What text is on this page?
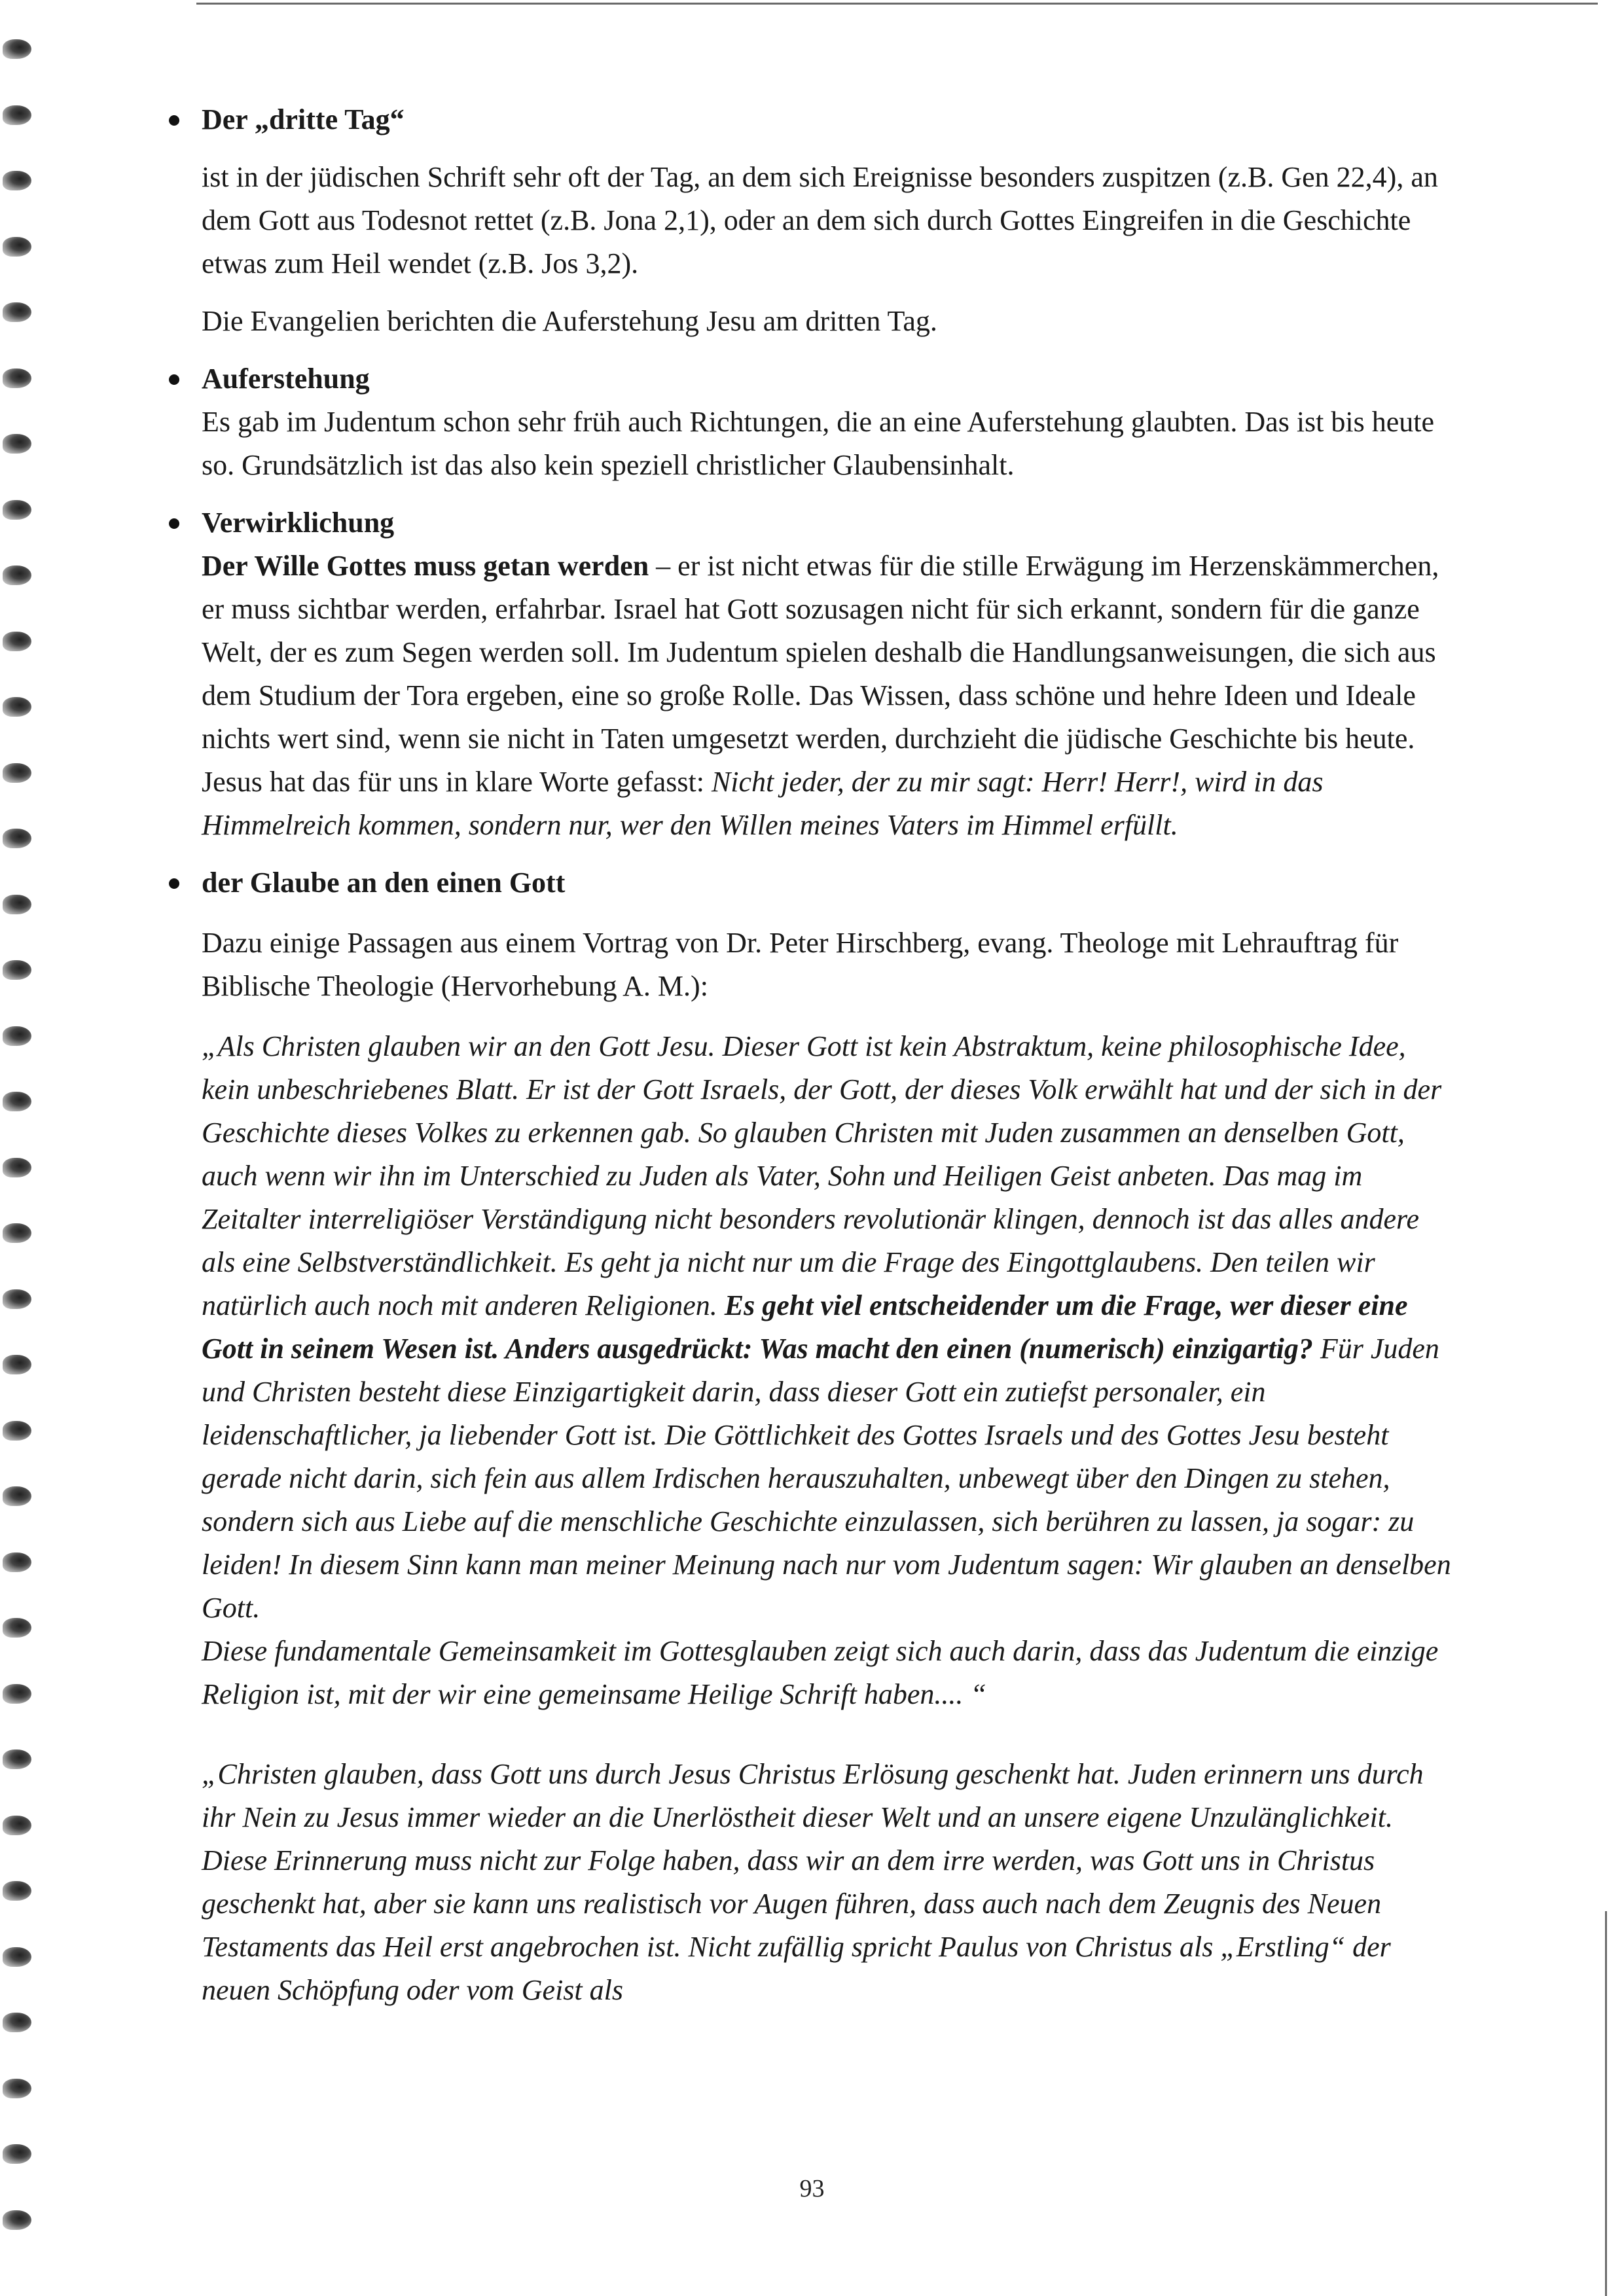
Der „dritte Tag“

ist in der jüdischen Schrift sehr oft der Tag, an dem sich Ereignisse besonders zuspitzen (z.B. Gen 22,4), an dem Gott aus Todesnot rettet (z.B. Jona 2,1), oder an dem sich durch Gottes Eingreifen in die Geschichte etwas zum Heil wendet (z.B. Jos 3,2).

Die Evangelien berichten die Auferstehung Jesu am dritten Tag.

Auferstehung

Es gab im Judentum schon sehr früh auch Richtungen, die an eine Auferstehung glaubten. Das ist bis heute so. Grundsätzlich ist das also kein speziell christlicher Glaubensinhalt.

Verwirklichung

Der Wille Gottes muss getan werden – er ist nicht etwas für die stille Erwägung im Herzenskämmerchen, er muss sichtbar werden, erfahrbar. Israel hat Gott sozusagen nicht für sich erkannt, sondern für die ganze Welt, der es zum Segen werden soll. Im Judentum spielen deshalb die Handlungsanweisungen, die sich aus dem Studium der Tora ergeben, eine so große Rolle. Das Wissen, dass schöne und hehre Ideen und Ideale nichts wert sind, wenn sie nicht in Taten umgesetzt werden, durchzieht die jüdische Geschichte bis heute. Jesus hat das für uns in klare Worte gefasst: Nicht jeder, der zu mir sagt: Herr! Herr!, wird in das Himmelreich kommen, sondern nur, wer den Willen meines Vaters im Himmel erfüllt.

der Glaube an den einen Gott

Dazu einige Passagen aus einem Vortrag von Dr. Peter Hirschberg, evang. Theologe mit Lehrauftrag für Biblische Theologie (Hervorhebung A. M.):

„Als Christen glauben wir an den Gott Jesu. Dieser Gott ist kein Abstraktum, keine philosophische Idee, kein unbeschriebenes Blatt. Er ist der Gott Israels, der Gott, der dieses Volk erwählt hat und der sich in der Geschichte dieses Volkes zu erkennen gab. So glauben Christen mit Juden zusammen an denselben Gott, auch wenn wir ihn im Unterschied zu Juden als Vater, Sohn und Heiligen Geist anbeten. Das mag im Zeitalter interreligiöser Verständigung nicht besonders revolutionär klingen, dennoch ist das alles andere als eine Selbstverständlichkeit. Es geht ja nicht nur um die Frage des Eingottglaubens. Den teilen wir natürlich auch noch mit anderen Religionen. Es geht viel entscheidender um die Frage, wer dieser eine Gott in seinem Wesen ist. Anders ausgedrückt: Was macht den einen (numerisch) einzigartig? Für Juden und Christen besteht diese Einzigartigkeit darin, dass dieser Gott ein zutiefst personaler, ein leidenschaftlicher, ja liebender Gott ist. Die Göttlichkeit des Gottes Israels und des Gottes Jesu besteht gerade nicht darin, sich fein aus allem Irdischen herauszuhalten, unbewegt über den Dingen zu stehen, sondern sich aus Liebe auf die menschliche Geschichte einzulassen, sich berühren zu lassen, ja sogar: zu leiden! In diesem Sinn kann man meiner Meinung nach nur vom Judentum sagen: Wir glauben an denselben Gott.
Diese fundamentale Gemeinsamkeit im Gottesglauben zeigt sich auch darin, dass das Judentum die einzige Religion ist, mit der wir eine gemeinsame Heilige Schrift haben.... “

„Christen glauben, dass Gott uns durch Jesus Christus Erlösung geschenkt hat. Juden erinnern uns durch ihr Nein zu Jesus immer wieder an die Unerlöstheit dieser Welt und an unsere eigene Unzulänglichkeit. Diese Erinnerung muss nicht zur Folge haben, dass wir an dem irre werden, was Gott uns in Christus geschenkt hat, aber sie kann uns realistisch vor Augen führen, dass auch nach dem Zeugnis des Neuen Testaments das Heil erst angebrochen ist. Nicht zufällig spricht Paulus von Christus als „Erstling“ der neuen Schöpfung oder vom Geist als

93
